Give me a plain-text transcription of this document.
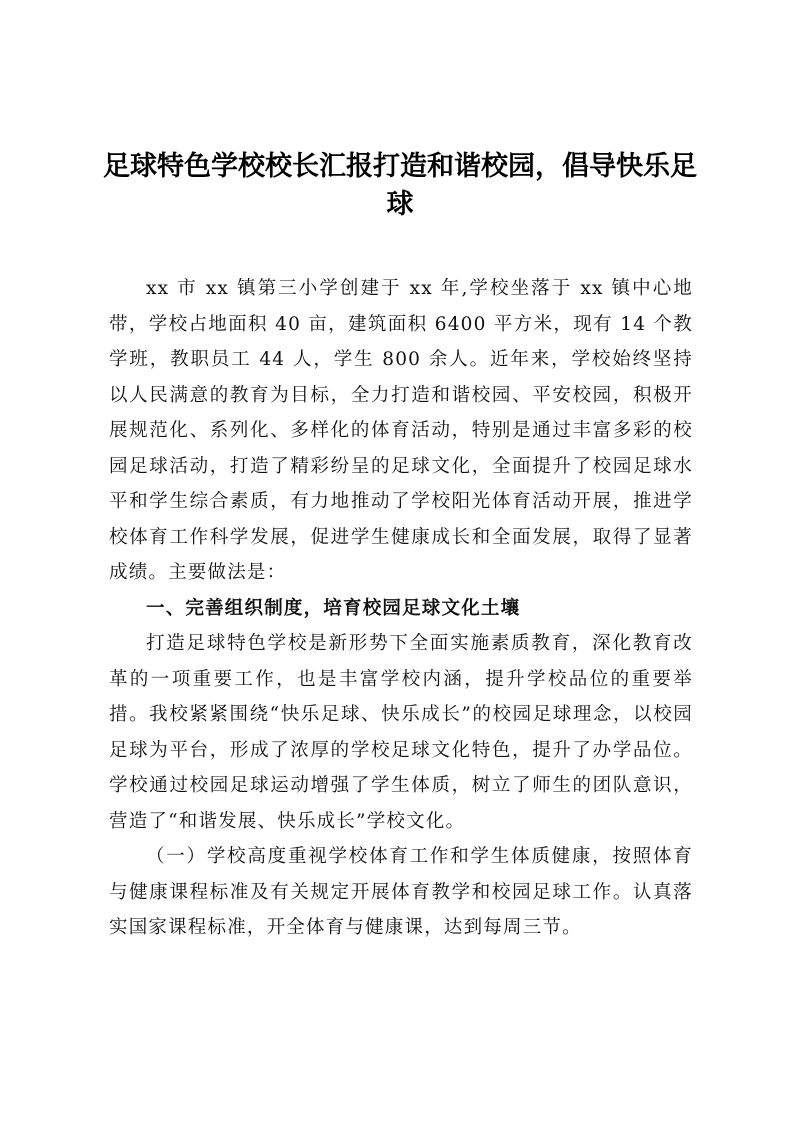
足球特色学校校长汇报打造和谐校园，倡导快乐足球

xx 市 xx 镇第三小学创建于 xx 年,学校坐落于 xx 镇中心地带，学校占地面积 40 亩，建筑面积 6400 平方米，现有 14 个教学班，教职员工 44 人，学生 800 余人。近年来，学校始终坚持以人民满意的教育为目标，全力打造和谐校园、平安校园，积极开展规范化、系列化、多样化的体育活动，特别是通过丰富多彩的校园足球活动，打造了精彩纷呈的足球文化，全面提升了校园足球水平和学生综合素质，有力地推动了学校阳光体育活动开展，推进学校体育工作科学发展，促进学生健康成长和全面发展，取得了显著成绩。主要做法是：

一、完善组织制度，培育校园足球文化土壤

打造足球特色学校是新形势下全面实施素质教育，深化教育改革的一项重要工作，也是丰富学校内涵，提升学校品位的重要举措。我校紧紧围绕“快乐足球、快乐成长”的校园足球理念，以校园足球为平台，形成了浓厚的学校足球文化特色，提升了办学品位。学校通过校园足球运动增强了学生体质，树立了师生的团队意识，营造了“和谐发展、快乐成长”学校文化。

（一）学校高度重视学校体育工作和学生体质健康，按照体育与健康课程标准及有关规定开展体育教学和校园足球工作。认真落实国家课程标准，开全体育与健康课，达到每周三节。
